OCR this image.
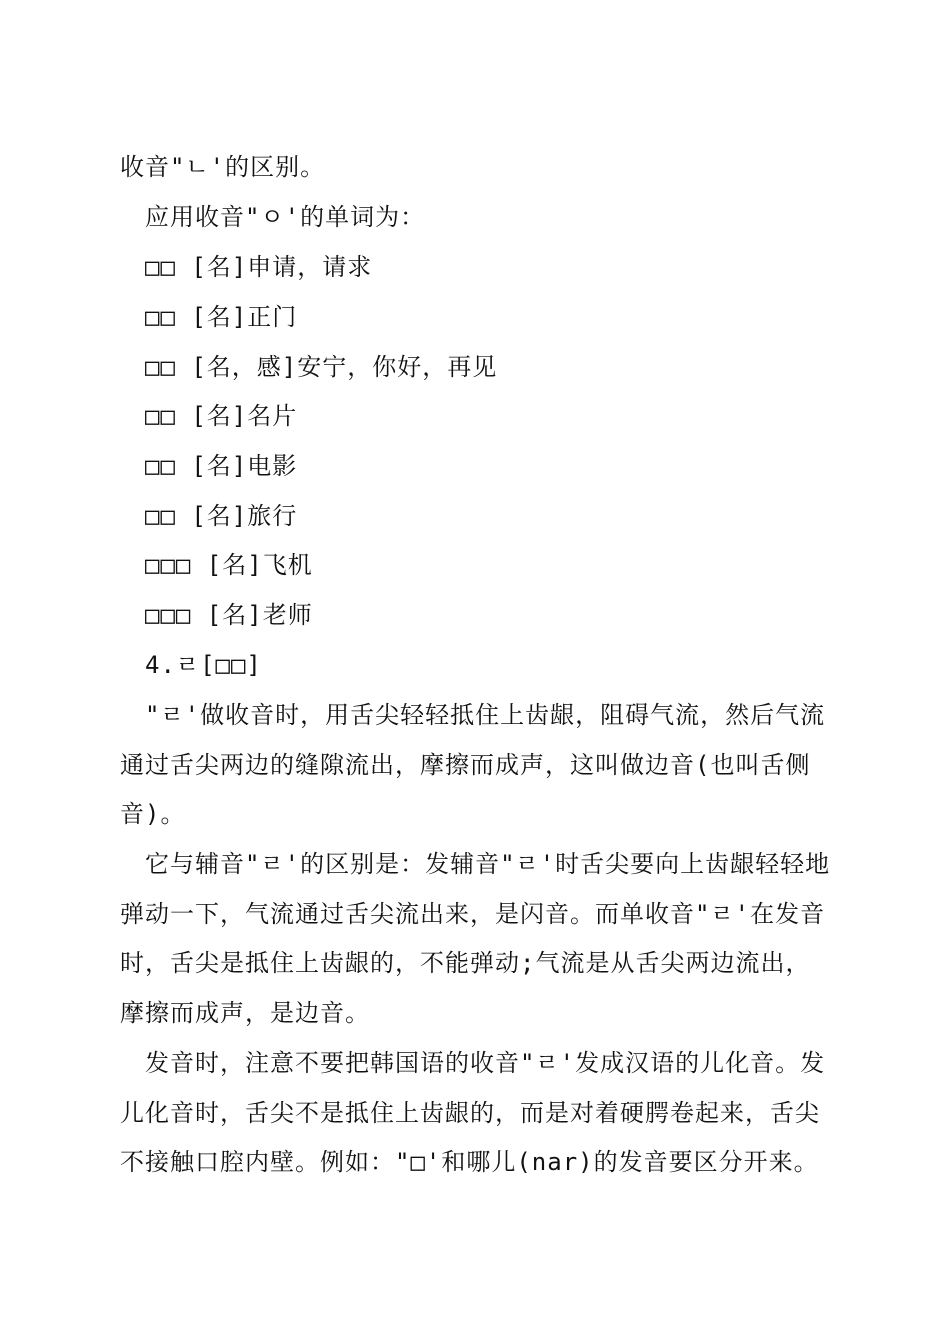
收音"ㄴ'的区别。
应用收音"ㅇ'的单词为：
□□ [名]申请，请求
□□ [名]正门
□□ [名，感]安宁，你好，再见
□□ [名]名片
□□ [名]电影
□□ [名]旅行
□□□ [名]飞机
□□□ [名]老师
4.ㄹ[□□]
"ㄹ'做收音时，用舌尖轻轻抵住上齿龈，阻碍气流，然后气流
通过舌尖两边的缝隙流出，摩擦而成声，这叫做边音(也叫舌侧
音)。
它与辅音"ㄹ'的区别是：发辅音"ㄹ'时舌尖要向上齿龈轻轻地
弹动一下，气流通过舌尖流出来，是闪音。而单收音"ㄹ'在发音
时，舌尖是抵住上齿龈的，不能弹动;气流是从舌尖两边流出，
摩擦而成声，是边音。
发音时，注意不要把韩国语的收音"ㄹ'发成汉语的儿化音。发
儿化音时，舌尖不是抵住上齿龈的，而是对着硬腭卷起来，舌尖
不接触口腔内壁。例如："□'和哪儿(nar)的发音要区分开来。
